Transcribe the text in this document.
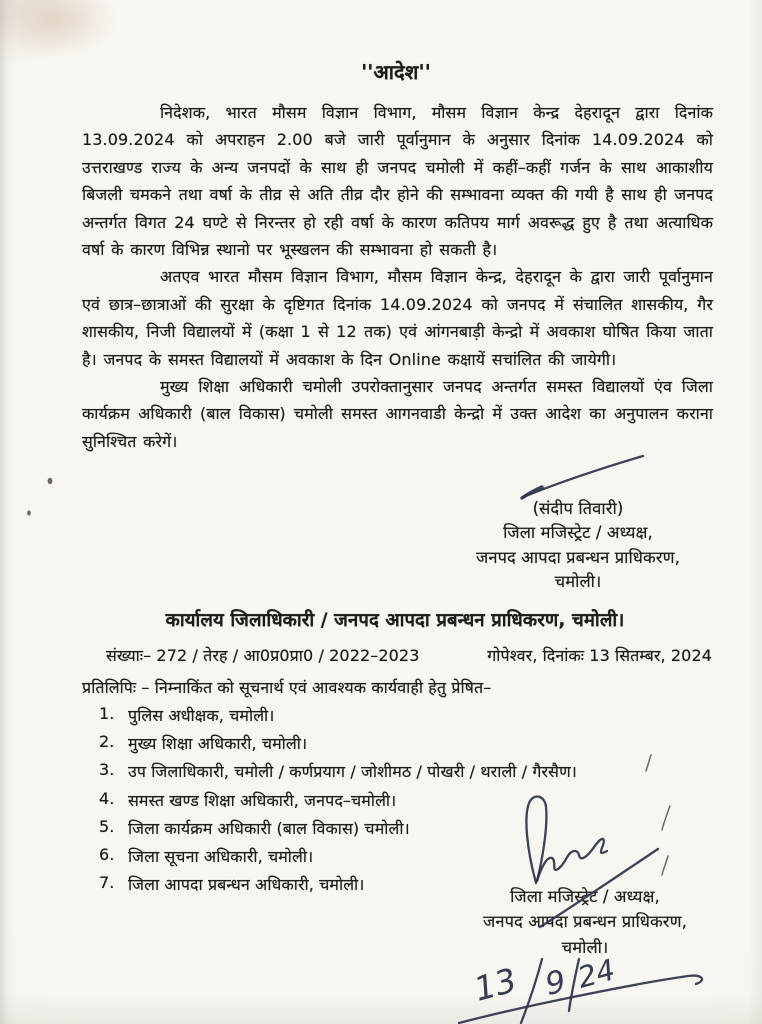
''आदेश''

निदेशक, भारत मौसम विज्ञान विभाग, मौसम विज्ञान केन्द्र देहरादून द्वारा दिनांक 13.09.2024 को अपराहन 2.00 बजे जारी पूर्वानुमान के अनुसार दिनांक 14.09.2024 को उत्तराखण्ड राज्य के अन्य जनपदों के साथ ही जनपद चमोली में कहीं–कहीं गर्जन के साथ आकाशीय बिजली चमकने तथा वर्षा के तीव्र से अति तीव्र दौर होने की सम्भावना व्यक्त की गयी है साथ ही जनपद अन्तर्गत विगत 24 घण्टे से निरन्तर हो रही वर्षा के कारण कतिपय मार्ग अवरूद्ध हुए है तथा अत्याधिक वर्षा के कारण विभिन्न स्थानो पर भूस्खलन की सम्भावना हो सकती है।

अतएव भारत मौसम विज्ञान विभाग, मौसम विज्ञान केन्द्र, देहरादून के द्वारा जारी पूर्वानुमान एवं छात्र–छात्राओं की सुरक्षा के दृष्टिगत दिनांक 14.09.2024 को जनपद में संचालित शासकीय, गैर शासकीय, निजी विद्यालयों में (कक्षा 1 से 12 तक) एवं आंगनबाड़ी केन्द्रो में अवकाश घोषित किया जाता है। जनपद के समस्त विद्यालयों में अवकाश के दिन Online कक्षायें सचांलित की जायेगी।

मुख्य शिक्षा अधिकारी चमोली उपरोक्तानुसार जनपद अन्तर्गत समस्त विद्यालयों एंव जिला कार्यक्रम अधिकारी (बाल विकास) चमोली समस्त आगनवाडी केन्द्रो में उक्त आदेश का अनुपालन कराना सुनिश्चित करेगें।

(संदीप तिवारी)
जिला मजिस्ट्रेट / अध्यक्ष,
जनपद आपदा प्रबन्धन प्राधिकरण,
चमोली।
कार्यालय जिलाधिकारी / जनपद आपदा प्रबन्धन प्राधिकरण, चमोली।
संख्याः– 272 / तेरह / आ0प्र0प्रा0 / 2022–2023	गोपेश्वर, दिनांकः 13 सितम्बर, 2024
प्रतिलिपिः – निम्नाकिंत को सूचनार्थ एवं आवश्यक कार्यवाही हेतु प्रेषित–
1. पुलिस अधीक्षक, चमोली।
2. मुख्य शिक्षा अधिकारी, चमोली।
3. उप जिलाधिकारी, चमोली / कर्णप्रयाग / जोशीमठ / पोखरी / थराली / गैरसैण।
4. समस्त खण्ड शिक्षा अधिकारी, जनपद–चमोली।
5. जिला कार्यक्रम अधिकारी (बाल विकास) चमोली।
6. जिला सूचना अधिकारी, चमोली।
7. जिला आपदा प्रबन्धन अधिकारी, चमोली।
जिला मजिस्ट्रेट / अध्यक्ष,
जनपद आपदा प्रबन्धन प्राधिकरण,
चमोली।
13 9 24
